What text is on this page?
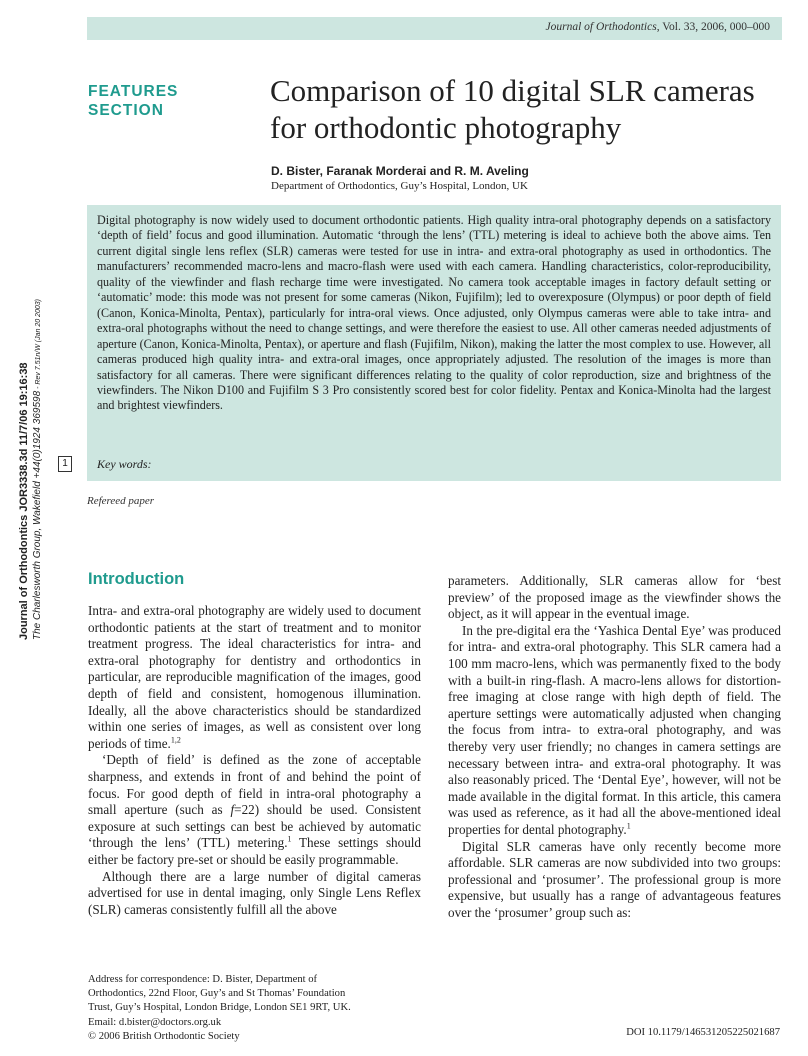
Journal of Orthodontics, Vol. 33, 2006, 000–000
FEATURES SECTION
Comparison of 10 digital SLR cameras for orthodontic photography
D. Bister, Faranak Morderai and R. M. Aveling
Department of Orthodontics, Guy’s Hospital, London, UK
Digital photography is now widely used to document orthodontic patients. High quality intra-oral photography depends on a satisfactory ‘depth of field’ focus and good illumination. Automatic ‘through the lens’ (TTL) metering is ideal to achieve both the above aims. Ten current digital single lens reflex (SLR) cameras were tested for use in intra- and extra-oral photography as used in orthodontics. The manufacturers’ recommended macro-lens and macro-flash were used with each camera. Handling characteristics, color-reproducibility, quality of the viewfinder and flash recharge time were investigated. No camera took acceptable images in factory default setting or ‘automatic’ mode: this mode was not present for some cameras (Nikon, Fujifilm); led to overexposure (Olympus) or poor depth of field (Canon, Konica-Minolta, Pentax), particularly for intra-oral views. Once adjusted, only Olympus cameras were able to take intra- and extra-oral photographs without the need to change settings, and were therefore the easiest to use. All other cameras needed adjustments of aperture (Canon, Konica-Minolta, Pentax), or aperture and flash (Fujifilm, Nikon), making the latter the most complex to use. However, all cameras produced high quality intra- and extra-oral images, once appropriately adjusted. The resolution of the images is more than satisfactory for all cameras. There were significant differences relating to the quality of color reproduction, size and brightness of the viewfinders. The Nikon D100 and Fujifilm S 3 Pro consistently scored best for color fidelity. Pentax and Konica-Minolta had the largest and brightest viewfinders.
Key words:
1
Refereed paper
Journal of Orthodontics JOR3338.3d 11/7/06 19:16:38 The Charlesworth Group, Wakefield +44(0)1924 369598 - Rev 7.51n/W (Jan 20 2003)
Introduction

Intra- and extra-oral photography are widely used to document orthodontic patients at the start of treatment and to monitor treatment progress. The ideal characteristics for intra- and extra-oral photography for dentistry and orthodontics in particular, are reproducible magnification of the images, good depth of field and consistent, homogenous illumination. Ideally, all the above characteristics should be standardized within one series of images, as well as consistent over long periods of time.$^{1,2}$

‘Depth of field’ is defined as the zone of acceptable sharpness, and extends in front of and behind the point of focus. For good depth of field in intra-oral photography a small aperture (such as f=22) should be used. Consistent exposure at such settings can best be achieved by automatic ‘through the lens’ (TTL) metering.$^1$ These settings should either be factory pre-set or should be easily programmable.

Although there are a large number of digital cameras advertised for use in dental imaging, only Single Lens Reflex (SLR) cameras consistently fulfill all the above

parameters. Additionally, SLR cameras allow for ‘best preview’ of the proposed image as the viewfinder shows the object, as it will appear in the eventual image.

In the pre-digital era the ‘Yashica Dental Eye’ was produced for intra- and extra-oral photography. This SLR camera had a 100 mm macro-lens, which was permanently fixed to the body with a built-in ring-flash. A macro-lens allows for distortion-free imaging at close range with high depth of field. The aperture settings were automatically adjusted when changing the focus from intra- to extra-oral photography, and was thereby very user friendly; no changes in camera settings are necessary between intra- and extra-oral photography. It was also reasonably priced. The ‘Dental Eye’, however, will not be made available in the digital format. In this article, this camera was used as reference, as it had all the above-mentioned ideal properties for dental photography.$^1$

Digital SLR cameras have only recently become more affordable. SLR cameras are now subdivided into two groups: professional and ‘prosumer’. The professional group is more expensive, but usually has a range of advantageous features over the ‘prosumer’ group such as:

Address for correspondence: D. Bister, Department of
Orthodontics, 22nd Floor, Guy’s and St Thomas’ Foundation
Trust, Guy’s Hospital, London Bridge, London SE1 9RT, UK.
Email: d.bister@doctors.org.uk
© 2006 British Orthodontic Society	DOI 10.1179/146531205225021687
